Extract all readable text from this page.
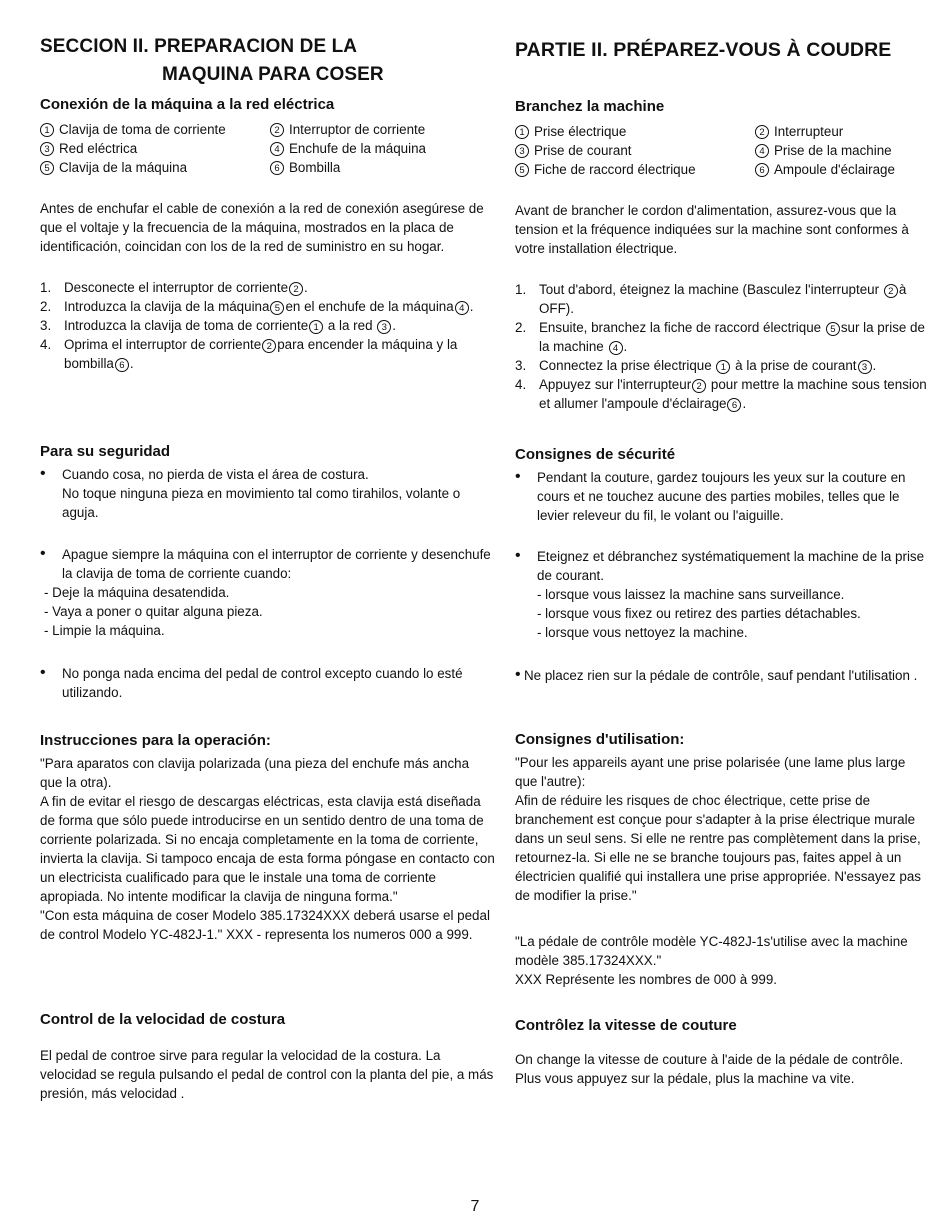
SECCION II. PREPARACION DE LA
MAQUINA PARA COSER
Conexión de la máquina a la red eléctrica
1 Clavija de toma de corriente	2 Interruptor de corriente
3 Red eléctrica	4 Enchufe de la máquina
5 Clavija de la máquina	6 Bombilla

Antes de enchufar el cable de conexión a la red de conexión asegúrese de que el voltaje y la frecuencia de la máquina, mostrados en la placa de identificación, coincidan con los de la red de suministro en su hogar.

1. Desconecte el interruptor de corriente 2 .
2. Introduzca la clavija de la máquina 5 en el enchufe de la máquina 4 .
3. Introduzca la clavija de toma de corriente 1 a la red 3 .
4. Oprima el interruptor de corriente 2 para encender la máquina y la bombilla 6 .
Para su seguridad
•	Cuando cosa, no pierda de vista el área de costura.

No toque ninguna pieza en movimiento tal como tirahilos, volante o aguja.

•	Apague siempre la máquina con el interruptor de corriente y desenchufe la clavija de toma de corriente cuando:

- Deje la máquina desatendida.

- Vaya a poner o quitar alguna pieza.

- Limpie la máquina.

•	No ponga nada encima del pedal de control excepto cuando lo esté utilizando.

Instrucciones para la operación:

"Para aparatos con clavija polarizada (una pieza del enchufe más ancha que la otra).

A fin de evitar el riesgo de descargas eléctricas, esta clavija está diseñada de forma que sólo puede introducirse en un sentido dentro de una toma de corriente polarizada. Si no encaja completamente en la toma de corriente, invierta la clavija. Si tampoco encaja de esta forma póngase en contacto con un electricista cualificado para que le instale una toma de corriente apropiada. No intente modificar la clavija de ninguna forma."

"Con esta máquina de coser Modelo 385.17324XXX deberá usarse el pedal de control Modelo YC-482J-1." XXX - representa los numeros 000 a 999.

Control de la velocidad de costura

El pedal de controe sirve para regular la velocidad de la costura. La velocidad se regula pulsando el pedal de control con la planta del pie, a más presión, más velocidad .

PARTIE II. PRÉPAREZ-VOUS À COUDRE
Branchez la machine
1 Prise électrique	2 Interrupteur
3 Prise de courant	4 Prise de la machine
5 Fiche de raccord électrique	6 Ampoule d'éclairage

Avant de brancher le cordon d'alimentation, assurez-vous que la tension et la fréquence indiquées sur la machine sont conformes à votre installation électrique.

1. Tout d'abord, éteignez la machine (Basculez l'interrupteur 2 à OFF).
2. Ensuite, branchez la fiche de raccord électrique 5 sur la prise de la machine 4 .
3. Connectez la prise électrique 1 à la prise de courant 3 .
4. Appuyez sur l'interrupteur 2 pour mettre la machine sous tension et allumer l'ampoule d'éclairage 6 .
Consignes de sécurité
•	Pendant la couture, gardez toujours les yeux sur la couture en cours et ne touchez aucune des parties mobiles, telles que le levier releveur du fil, le volant ou l'aiguille.

•	Eteignez et débranchez systématiquement la machine de la prise de courant.

- lorsque vous laissez la machine sans surveillance.

- lorsque vous fixez ou retirez des parties détachables.

- lorsque vous nettoyez la machine.

• Ne placez rien sur la pédale de contrôle, sauf pendant l'utilisation .

Consignes d'utilisation:

"Pour les appareils ayant une prise polarisée (une lame plus large que l'autre):

Afin de réduire les risques de choc électrique, cette prise de branchement est conçue pour s'adapter à la prise électrique murale dans un seul sens. Si elle ne rentre pas complètement dans la prise, retournez-la. Si elle ne se branche toujours pas, faites appel à un électricien qualifié qui installera une prise appropriée. N'essayez pas de modifier la prise."

"La pédale de contrôle modèle YC-482J-1s'utilise avec la machine modèle 385.17324XXX."

XXX Représente les nombres de 000 à 999.

Contrôlez la vitesse de couture

On change la vitesse de couture à l'aide de la pédale de contrôle. Plus vous appuyez sur la pédale, plus la machine va vite.

7
